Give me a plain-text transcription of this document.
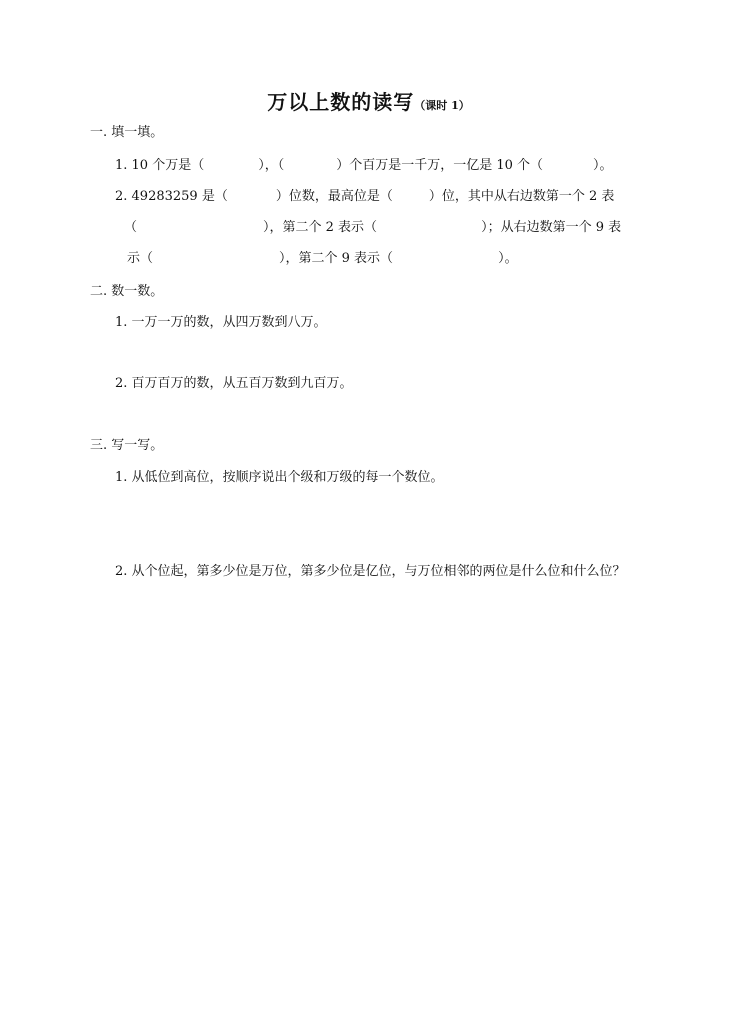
万以上数的读写（课时 1）
一. 填一填。
1. 10 个万是（	），（	）个百万是一千万，一亿是 10 个（	）。
2. 49283259 是（	）位数，最高位是（	）位，其中从右边数第一个 2 表
（	），第二个 2 表示（	）；从右边数第一个 9 表
示（	），第二个 9 表示（	）。
二. 数一数。
1. 一万一万的数，从四万数到八万。
2. 百万百万的数，从五百万数到九百万。
三. 写一写。
1. 从低位到高位，按顺序说出个级和万级的每一个数位。
2. 从个位起，第多少位是万位，第多少位是亿位，与万位相邻的两位是什么位和什么位？
